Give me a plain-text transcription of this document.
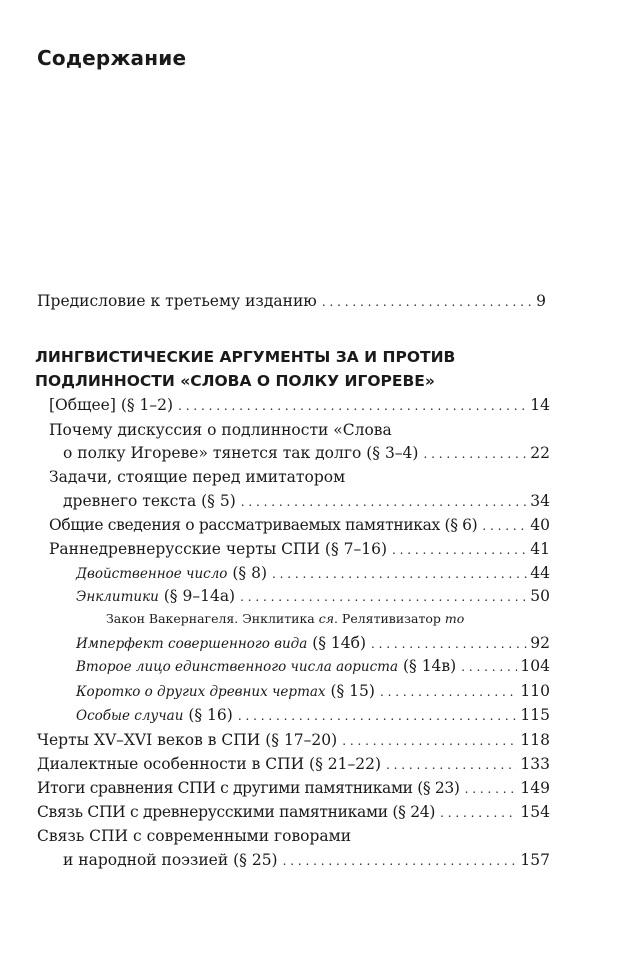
Содержание
Предисловие к третьему изданию . . .	9
ЛИНГВИСТИЧЕСКИЕ АРГУМЕНТЫ ЗА И ПРОТИВ
ПОДЛИННОСТИ «СЛОВА О ПОЛКУ ИГОРЕВЕ»
[Общее] (§ 1–2) . . .	14
Почему дискуссия о подлинности «Слова
о полку Игореве» тянется так долго (§ 3–4) . . .	22
Задачи, стоящие перед имитатором
древнего текста (§ 5) . . .	34
Общие сведения о рассматриваемых памятниках (§ 6) . . .	40
Раннедревнерусские черты СПИ (§ 7–16) . . .	41
Двойственное число (§ 8) . . .	44
Энклитики (§ 9–14а) . . .	50
Закон Вакернагеля. Энклитика ся. Релятивизатор то
Имперфект совершенного вида (§ 14б) . . .	92
Второе лицо единственного числа аориста (§ 14в) . . .	104
Коротко о других древних чертах (§ 15) . . .	110
Особые случаи (§ 16) . . .	115
Черты XV–XVI веков в СПИ (§ 17–20) . . .	118
Диалектные особенности в СПИ (§ 21–22) . . .	133
Итоги сравнения СПИ с другими памятниками (§ 23) . . .	149
Связь СПИ с древнерусскими памятниками (§ 24) . . .	154
Связь СПИ с современными говорами
и народной поэзией (§ 25) . . .	157
